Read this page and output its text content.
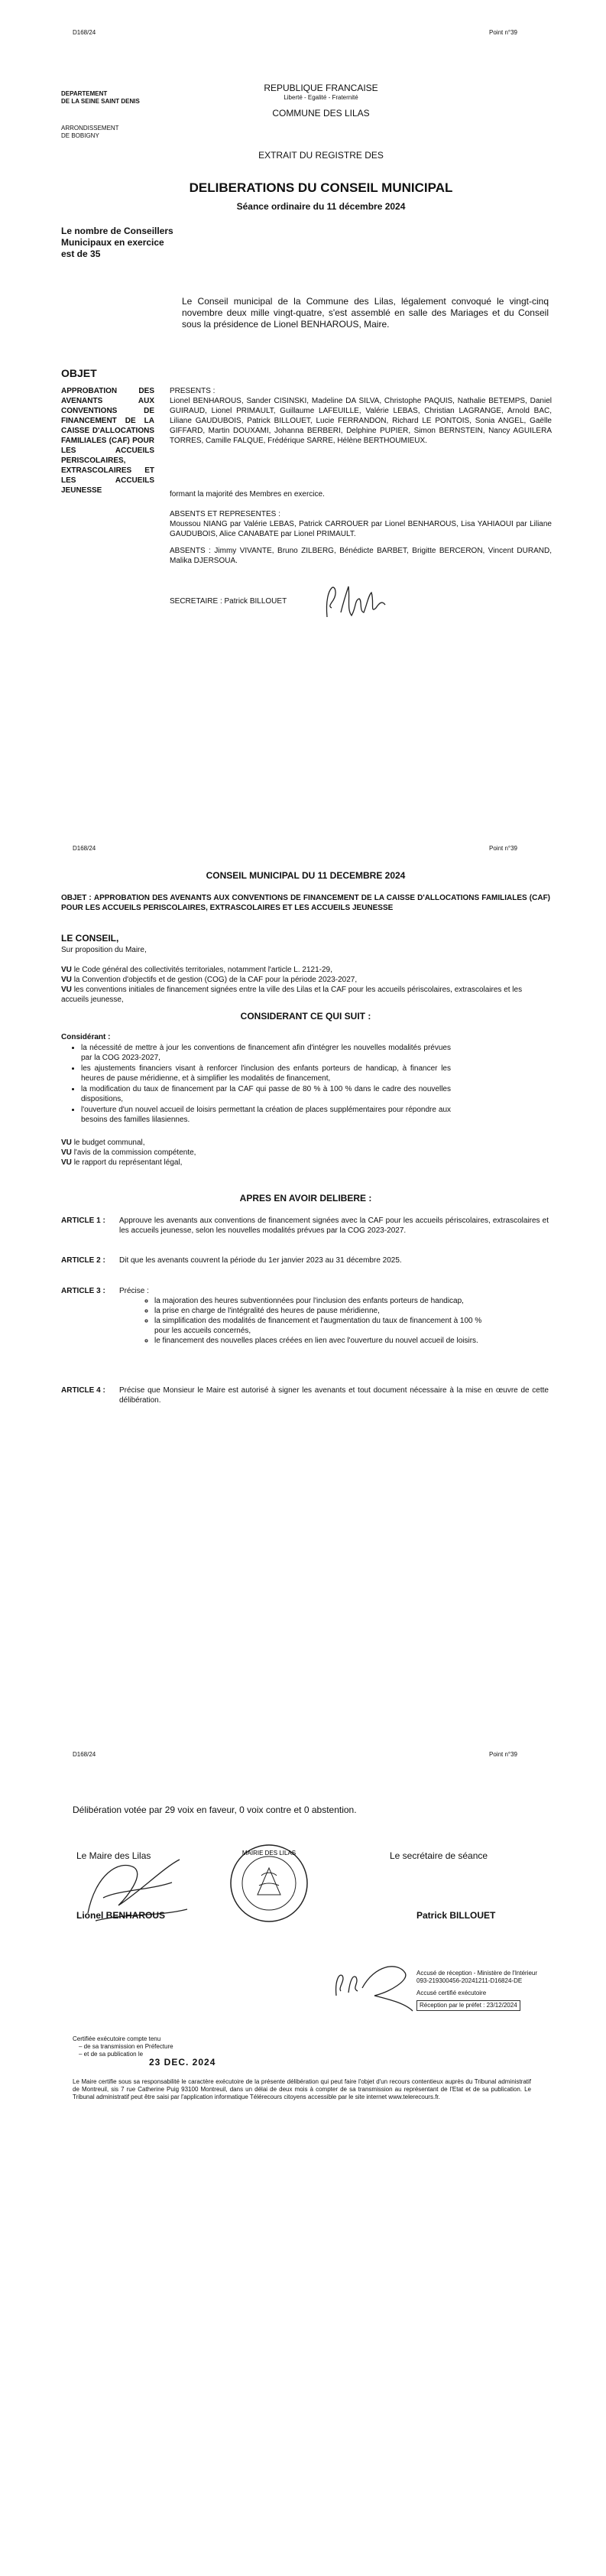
D168/24	Point n°39
DEPARTEMENT
DE LA SEINE SAINT DENIS
ARRONDISSEMENT
DE BOBIGNY
REPUBLIQUE FRANCAISE
Liberté - Egalité - Fraternité
COMMUNE DES LILAS
EXTRAIT DU REGISTRE DES
DELIBERATIONS DU CONSEIL MUNICIPAL
Séance ordinaire du 11 décembre 2024
Le nombre de Conseillers
Municipaux en exercice
est de 35
Le Conseil municipal de la Commune des Lilas, légalement convoqué le vingt-cinq novembre deux mille vingt-quatre, s'est assemblé en salle des Mariages et du Conseil sous la présidence de Lionel BENHAROUS, Maire.
OBJET
APPROBATION DES AVENANTS AUX CONVENTIONS DE FINANCEMENT DE LA CAISSE D'ALLOCATIONS FAMILIALES (CAF) POUR LES ACCUEILS PERISCOLAIRES, EXTRASCOLAIRES ET LES ACCUEILS JEUNESSE
PRESENTS :
Lionel BENHAROUS, Sander CISINSKI, Madeline DA SILVA, Christophe PAQUIS, Nathalie BETEMPS, Daniel GUIRAUD, Lionel PRIMAULT, Guillaume LAFEUILLE, Valérie LEBAS, Christian LAGRANGE, Arnold BAC, Liliane GAUDUBOIS, Patrick BILLOUET, Lucie FERRANDON, Richard LE PONTOIS, Sonia ANGEL, Gaëlle GIFFARD, Martin DOUXAMI, Johanna BERBERI, Delphine PUPIER, Simon BERNSTEIN, Nancy AGUILERA TORRES, Camille FALQUE, Frédérique SARRE, Hélène BERTHOUMIEUX.
formant la majorité des Membres en exercice.
ABSENTS ET REPRESENTES :
Moussou NIANG par Valérie LEBAS, Patrick CARROUER par Lionel BENHAROUS, Lisa YAHIAOUI par Liliane GAUDUBOIS, Alice CANABATE par Lionel PRIMAULT.
ABSENTS : Jimmy VIVANTE, Bruno ZILBERG, Bénédicte BARBET, Brigitte BERCERON, Vincent DURAND, Malika DJERSOUA.
SECRETAIRE : Patrick BILLOUET
D168/24	Point n°39
CONSEIL MUNICIPAL DU 11 DECEMBRE 2024
OBJET : APPROBATION DES AVENANTS AUX CONVENTIONS DE FINANCEMENT DE LA CAISSE D'ALLOCATIONS FAMILIALES (CAF) POUR LES ACCUEILS PERISCOLAIRES, EXTRASCOLAIRES ET LES ACCUEILS JEUNESSE
LE CONSEIL,
Sur proposition du Maire,
VU le Code général des collectivités territoriales, notamment l'article L. 2121-29,
VU la Convention d'objectifs et de gestion (COG) de la CAF pour la période 2023-2027,
VU les conventions initiales de financement signées entre la ville des Lilas et la CAF pour les accueils périscolaires, extrascolaires et les accueils jeunesse,
CONSIDERANT CE QUI SUIT :
Considérant :
• la nécessité de mettre à jour les conventions de financement afin d'intégrer les nouvelles modalités prévues par la COG 2023-2027,
• les ajustements financiers visant à renforcer l'inclusion des enfants porteurs de handicap, à financer les heures de pause méridienne, et à simplifier les modalités de financement,
• la modification du taux de financement par la CAF qui passe de 80 % à 100 % dans le cadre des nouvelles dispositions,
• l'ouverture d'un nouvel accueil de loisirs permettant la création de places supplémentaires pour répondre aux besoins des familles lilasiennes.
VU le budget communal,
VU l'avis de la commission compétente,
VU le rapport du représentant légal,
APRES EN AVOIR DELIBERE :
ARTICLE 1 : Approuve les avenants aux conventions de financement signées avec la CAF pour les accueils périscolaires, extrascolaires et les accueils jeunesse, selon les nouvelles modalités prévues par la COG 2023-2027.
ARTICLE 2 : Dit que les avenants couvrent la période du 1er janvier 2023 au 31 décembre 2025.
ARTICLE 3 : Précise :
◦ la majoration des heures subventionnées pour l'inclusion des enfants porteurs de handicap,
◦ la prise en charge de l'intégralité des heures de pause méridienne,
◦ la simplification des modalités de financement et l'augmentation du taux de financement à 100 % pour les accueils concernés,
◦ le financement des nouvelles places créées en lien avec l'ouverture du nouvel accueil de loisirs.
ARTICLE 4 : Précise que Monsieur le Maire est autorisé à signer les avenants et tout document nécessaire à la mise en œuvre de cette délibération.
D168/24	Point n°39
Délibération votée par 29 voix en faveur, 0 voix contre et 0 abstention.
Le Maire des Lilas
Lionel BENHAROUS
MAIRIE DES LILAS	Le secrétaire de séance
Patrick BILLOUET
Accusé de réception - Ministère de l'Intérieur
093-219300456-20241211-D16824-DE
Accusé certifié exécutoire
Réception par le préfet : 23/12/2024
Certifiée exécutoire compte tenu
– de sa transmission en Préfecture
– et de sa publication le
23 DEC. 2024
Le Maire certifie sous sa responsabilité le caractère exécutoire de la présente délibération qui peut faire l'objet d'un recours contentieux auprès du Tribunal administratif de Montreuil, sis 7 rue Catherine Puig 93100 Montreuil, dans un délai de deux mois à compter de sa transmission au représentant de l'Etat et de sa publication. Le Tribunal administratif peut être saisi par l'application informatique Télérecours citoyens accessible par le site internet www.telerecours.fr.
